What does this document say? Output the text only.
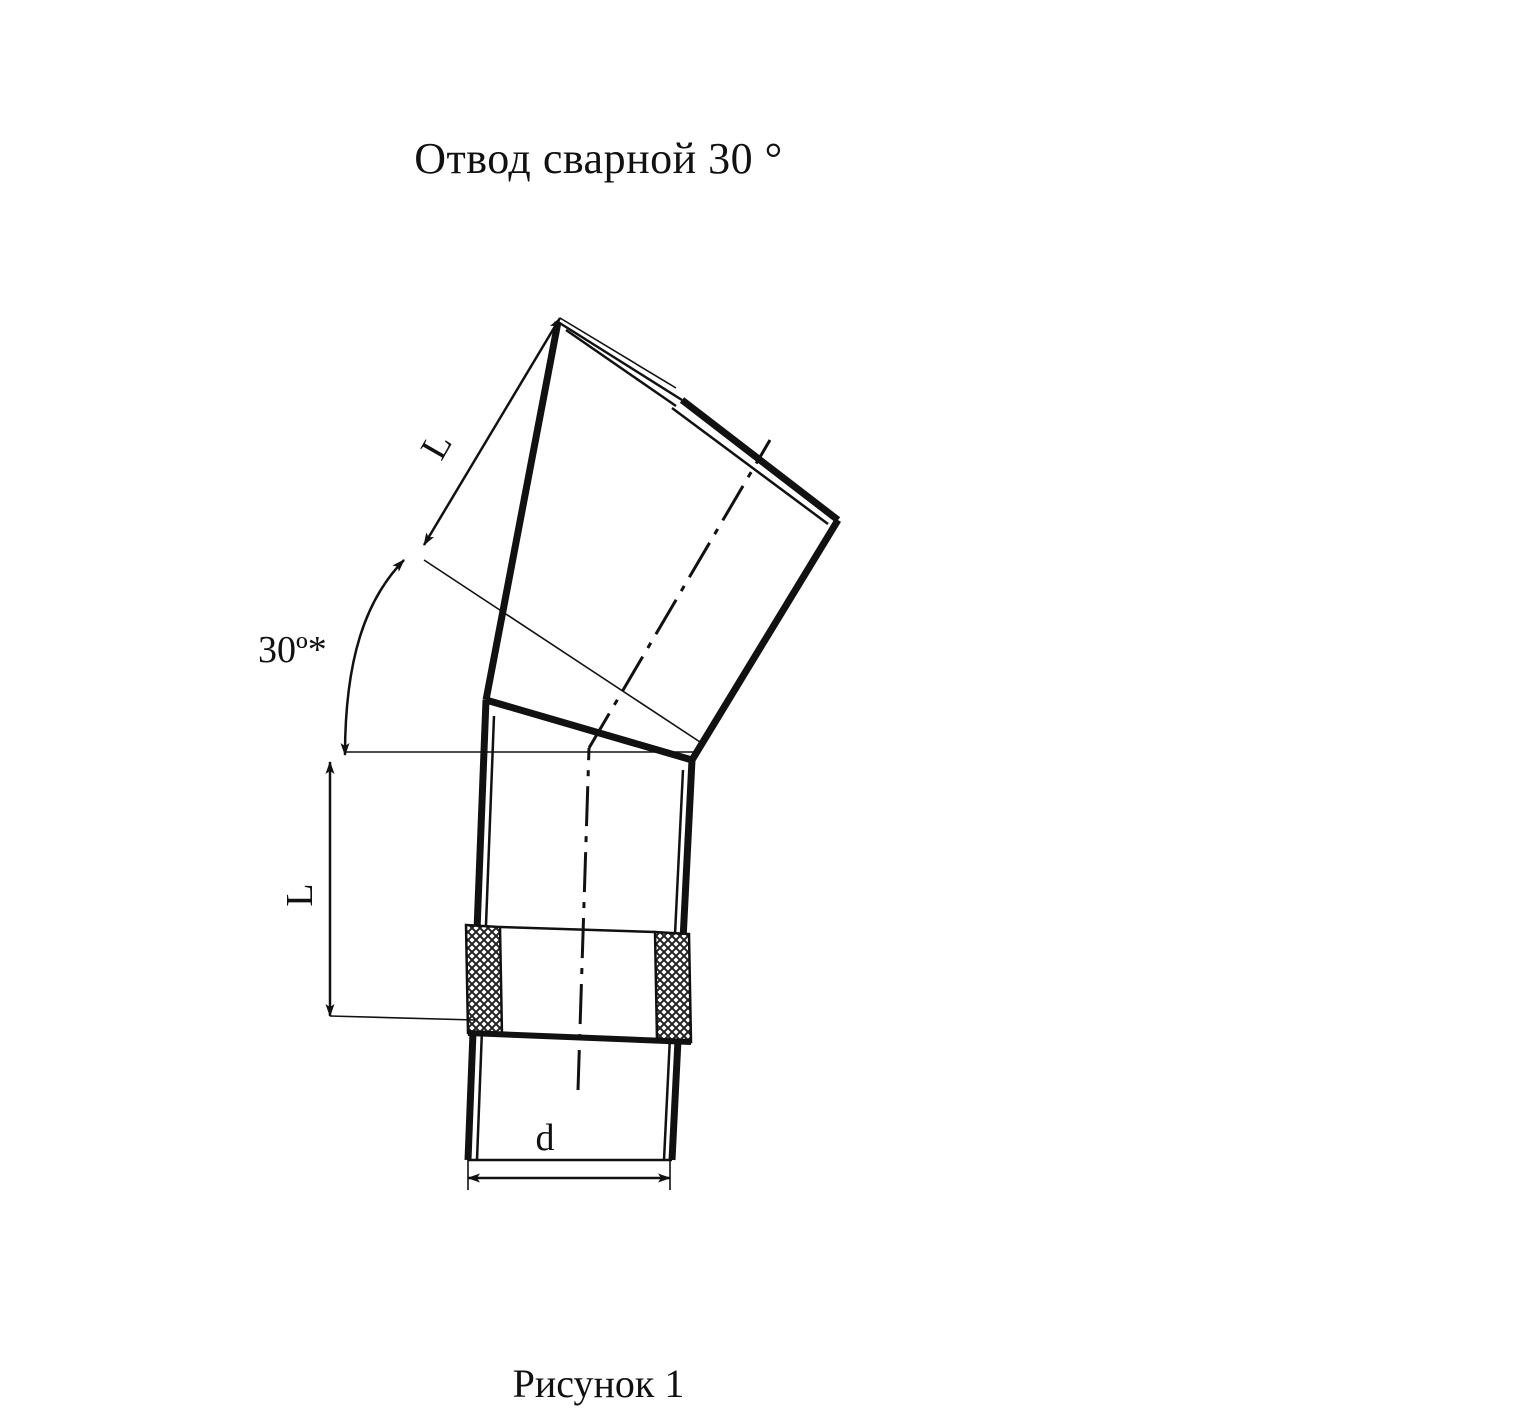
Отвод сварной 30 °
L
30º*
L
d
Рисунок 1
